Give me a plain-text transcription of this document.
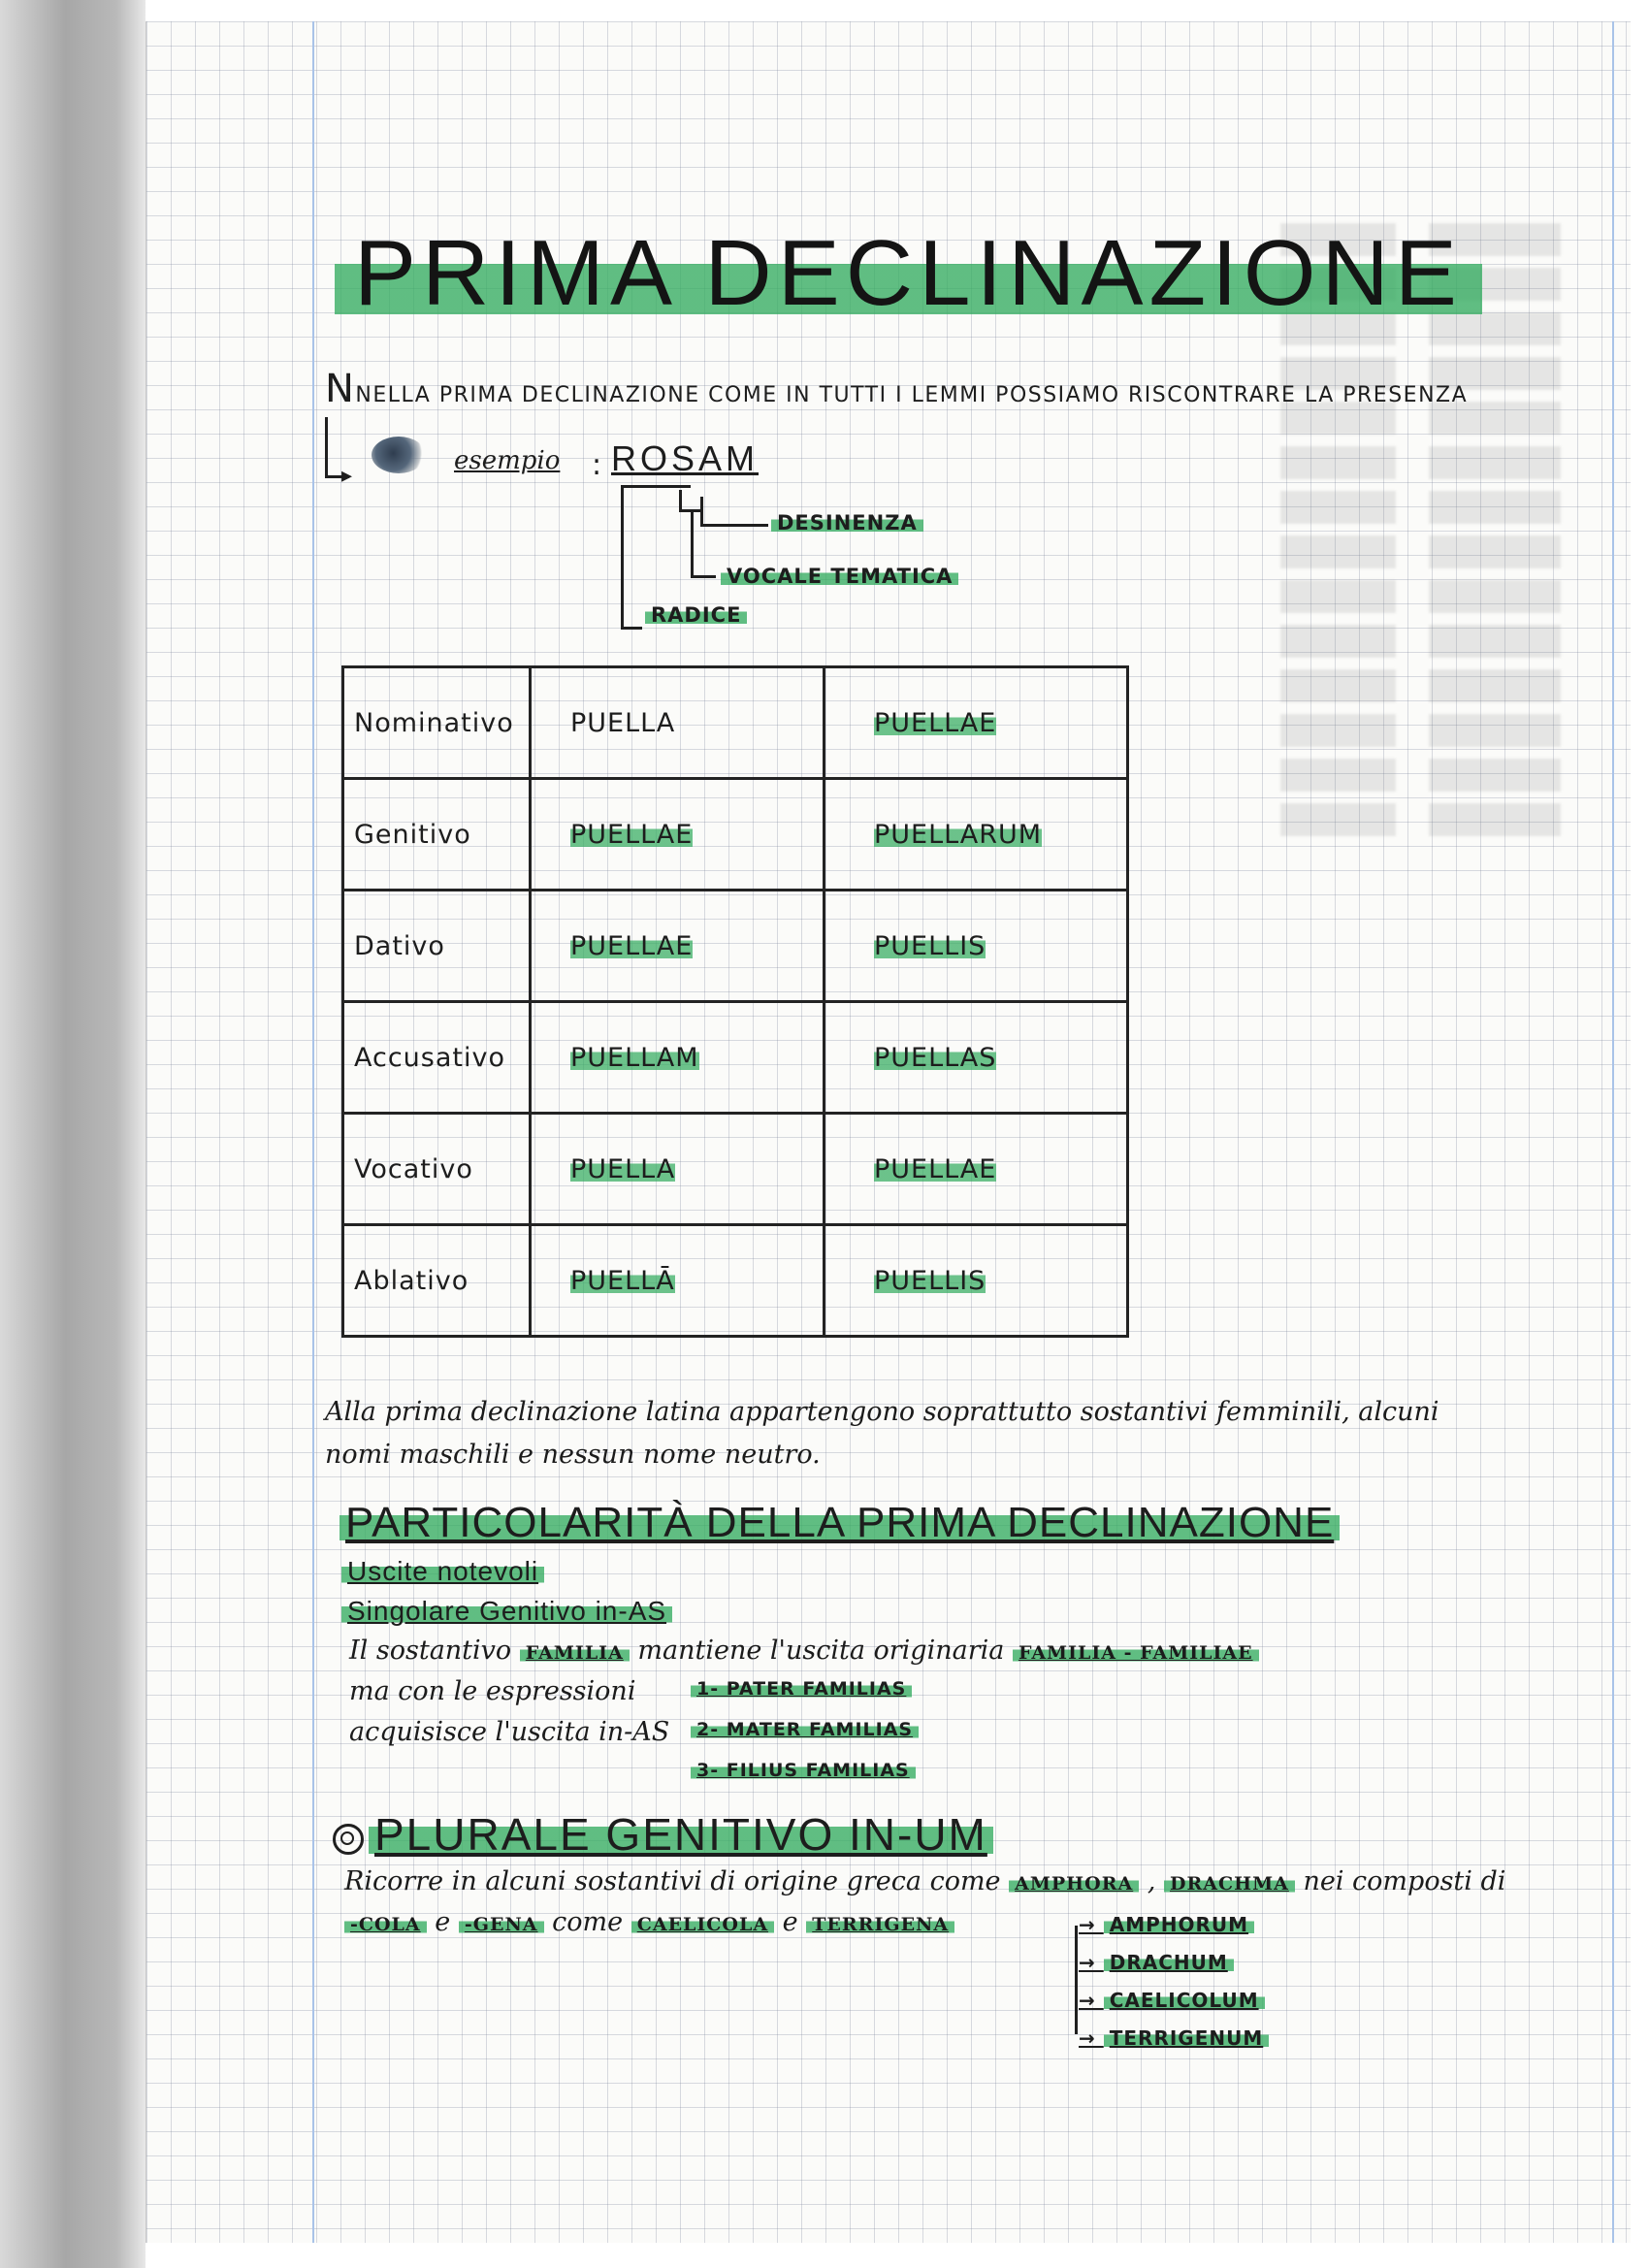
PRIMA DECLINAZIONE
NNELLA PRIMA DECLINAZIONE COME IN TUTTI I LEMMI POSSIAMO RISCONTRARE LA PRESENZA
▸
esempio : ROSAM
DESINENZA
VOCALE TEMATICA
RADICE
Nominativo	PUELLA	PUELLAE
Genitivo	PUELLAE	PUELLARUM
Dativo	PUELLAE	PUELLIS
Accusativo	PUELLAM	PUELLAS
Vocativo	PUELLA	PUELLAE
Ablativo	PUELLĀ	PUELLIS
Alla prima declinazione latina appartengono soprattutto sostantivi femminili, alcuni
nomi maschili e nessun nome neutro.
PARTICOLARITÀ DELLA PRIMA DECLINAZIONE
Uscite notevoli
Singolare Genitivo in-AS
Il sostantivo FAMILIA mantiene l'uscita originaria FAMILIA - FAMILIAE
ma con le espressioni
acquisisce l'uscita in-AS
1- PATER FAMILIAS
2- MATER FAMILIAS
3- FILIUS FAMILIAS
PLURALE GENITIVO IN-UM
Ricorre in alcuni sostantivi di origine greca come AMPHORA , DRACHMA nei composti di
-COLA e -GENA come CAELICOLA e TERRIGENA	→ AMPHORUM
→ DRACHUM
→ CAELICOLUM
→ TERRIGENUM
